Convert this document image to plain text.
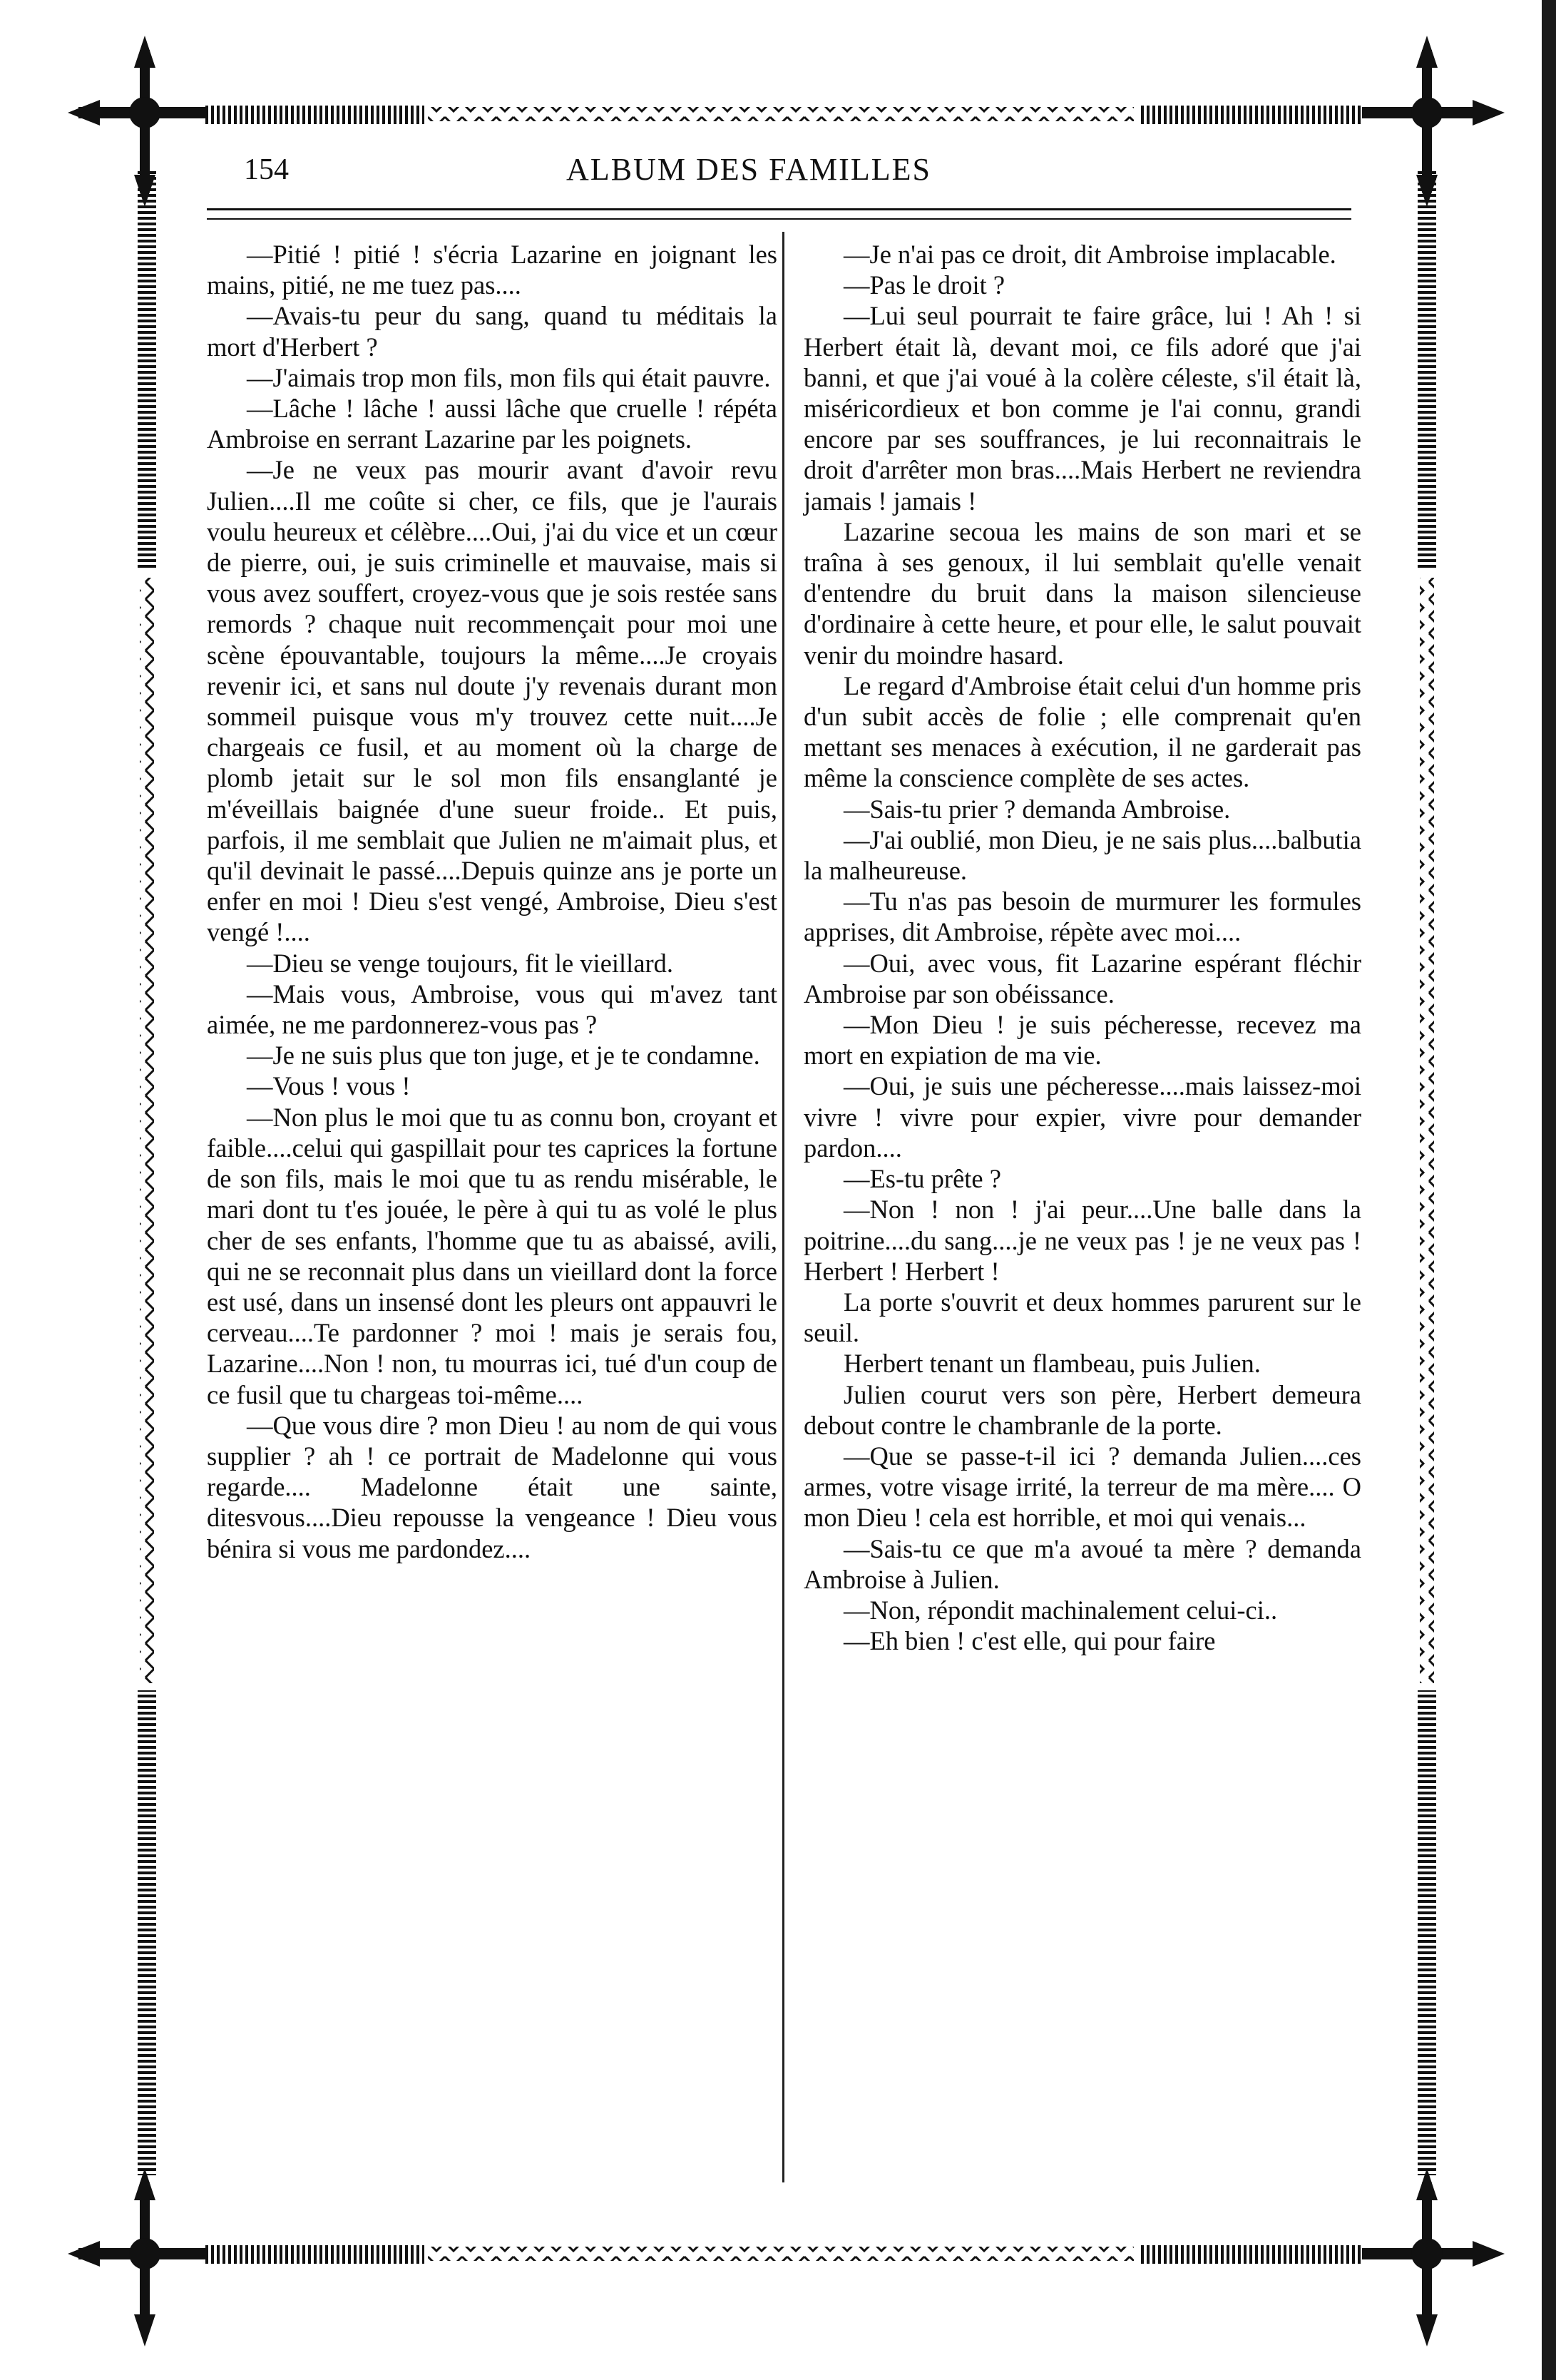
154	ALBUM DES FAMILLES

—Pitié ! pitié ! s'écria Lazarine en joignant les mains, pitié, ne me tuez pas....

—Avais-tu peur du sang, quand tu méditais la mort d'Herbert ?

—J'aimais trop mon fils, mon fils qui était pauvre.

—Lâche ! lâche ! aussi lâche que cruelle ! répéta Ambroise en serrant Lazarine par les poignets.

—Je ne veux pas mourir avant d'avoir revu Julien....Il me coûte si cher, ce fils, que je l'aurais voulu heureux et célèbre....Oui, j'ai du vice et un cœur de pierre, oui, je suis criminelle et mauvaise, mais si vous avez souffert, croyez-vous que je sois restée sans remords ? chaque nuit recommençait pour moi une scène épouvantable, toujours la même....Je croyais revenir ici, et sans nul doute j'y revenais durant mon sommeil puisque vous m'y trouvez cette nuit....Je chargeais ce fusil, et au moment où la charge de plomb jetait sur le sol mon fils ensanglanté je m'éveillais baignée d'une sueur froide.. Et puis, parfois, il me semblait que Julien ne m'aimait plus, et qu'il devinait le passé....Depuis quinze ans je porte un enfer en moi ! Dieu s'est vengé, Ambroise, Dieu s'est vengé !....

—Dieu se venge toujours, fit le vieillard.

—Mais vous, Ambroise, vous qui m'avez tant aimée, ne me pardonnerez-vous pas ?

—Je ne suis plus que ton juge, et je te condamne.

—Vous ! vous !

—Non plus le moi que tu as connu bon, croyant et faible....celui qui gaspillait pour tes caprices la fortune de son fils, mais le moi que tu as rendu misérable, le mari dont tu t'es jouée, le père à qui tu as volé le plus cher de ses enfants, l'homme que tu as abaissé, avili, qui ne se reconnait plus dans un vieillard dont la force est usé, dans un insensé dont les pleurs ont appauvri le cerveau....Te pardonner ? moi ! mais je serais fou, Lazarine....Non ! non, tu mourras ici, tué d'un coup de ce fusil que tu chargeas toi-même....

—Que vous dire ? mon Dieu ! au nom de qui vous supplier ? ah ! ce portrait de Madelonne qui vous regarde.... Madelonne était une sainte, ditesvous....Dieu repousse la vengeance ! Dieu vous bénira si vous me pardondez....

—Je n'ai pas ce droit, dit Ambroise implacable.

—Pas le droit ?

—Lui seul pourrait te faire grâce, lui ! Ah ! si Herbert était là, devant moi, ce fils adoré que j'ai banni, et que j'ai voué à la colère céleste, s'il était là, miséricordieux et bon comme je l'ai connu, grandi encore par ses souffrances, je lui reconnaitrais le droit d'arrêter mon bras....Mais Herbert ne reviendra jamais ! jamais !

Lazarine secoua les mains de son mari et se traîna à ses genoux, il lui semblait qu'elle venait d'entendre du bruit dans la maison silencieuse d'ordinaire à cette heure, et pour elle, le salut pouvait venir du moindre hasard.

Le regard d'Ambroise était celui d'un homme pris d'un subit accès de folie ; elle comprenait qu'en mettant ses menaces à exécution, il ne garderait pas même la conscience complète de ses actes.

—Sais-tu prier ? demanda Ambroise.

—J'ai oublié, mon Dieu, je ne sais plus....balbutia la malheureuse.

—Tu n'as pas besoin de murmurer les formules apprises, dit Ambroise, répète avec moi....

—Oui, avec vous, fit Lazarine espérant fléchir Ambroise par son obéissance.

—Mon Dieu ! je suis pécheresse, recevez ma mort en expiation de ma vie.

—Oui, je suis une pécheresse....mais laissez-moi vivre ! vivre pour expier, vivre pour demander pardon....

—Es-tu prête ?

—Non ! non ! j'ai peur....Une balle dans la poitrine....du sang....je ne veux pas ! je ne veux pas ! Herbert ! Herbert !

La porte s'ouvrit et deux hommes parurent sur le seuil.

Herbert tenant un flambeau, puis Julien.

Julien courut vers son père, Herbert demeura debout contre le chambranle de la porte.

—Que se passe-t-il ici ? demanda Julien....ces armes, votre visage irrité, la terreur de ma mère.... O mon Dieu ! cela est horrible, et moi qui venais...

—Sais-tu ce que m'a avoué ta mère ? demanda Ambroise à Julien.

—Non, répondit machinalement celui-ci..

—Eh bien ! c'est elle, qui pour faire
